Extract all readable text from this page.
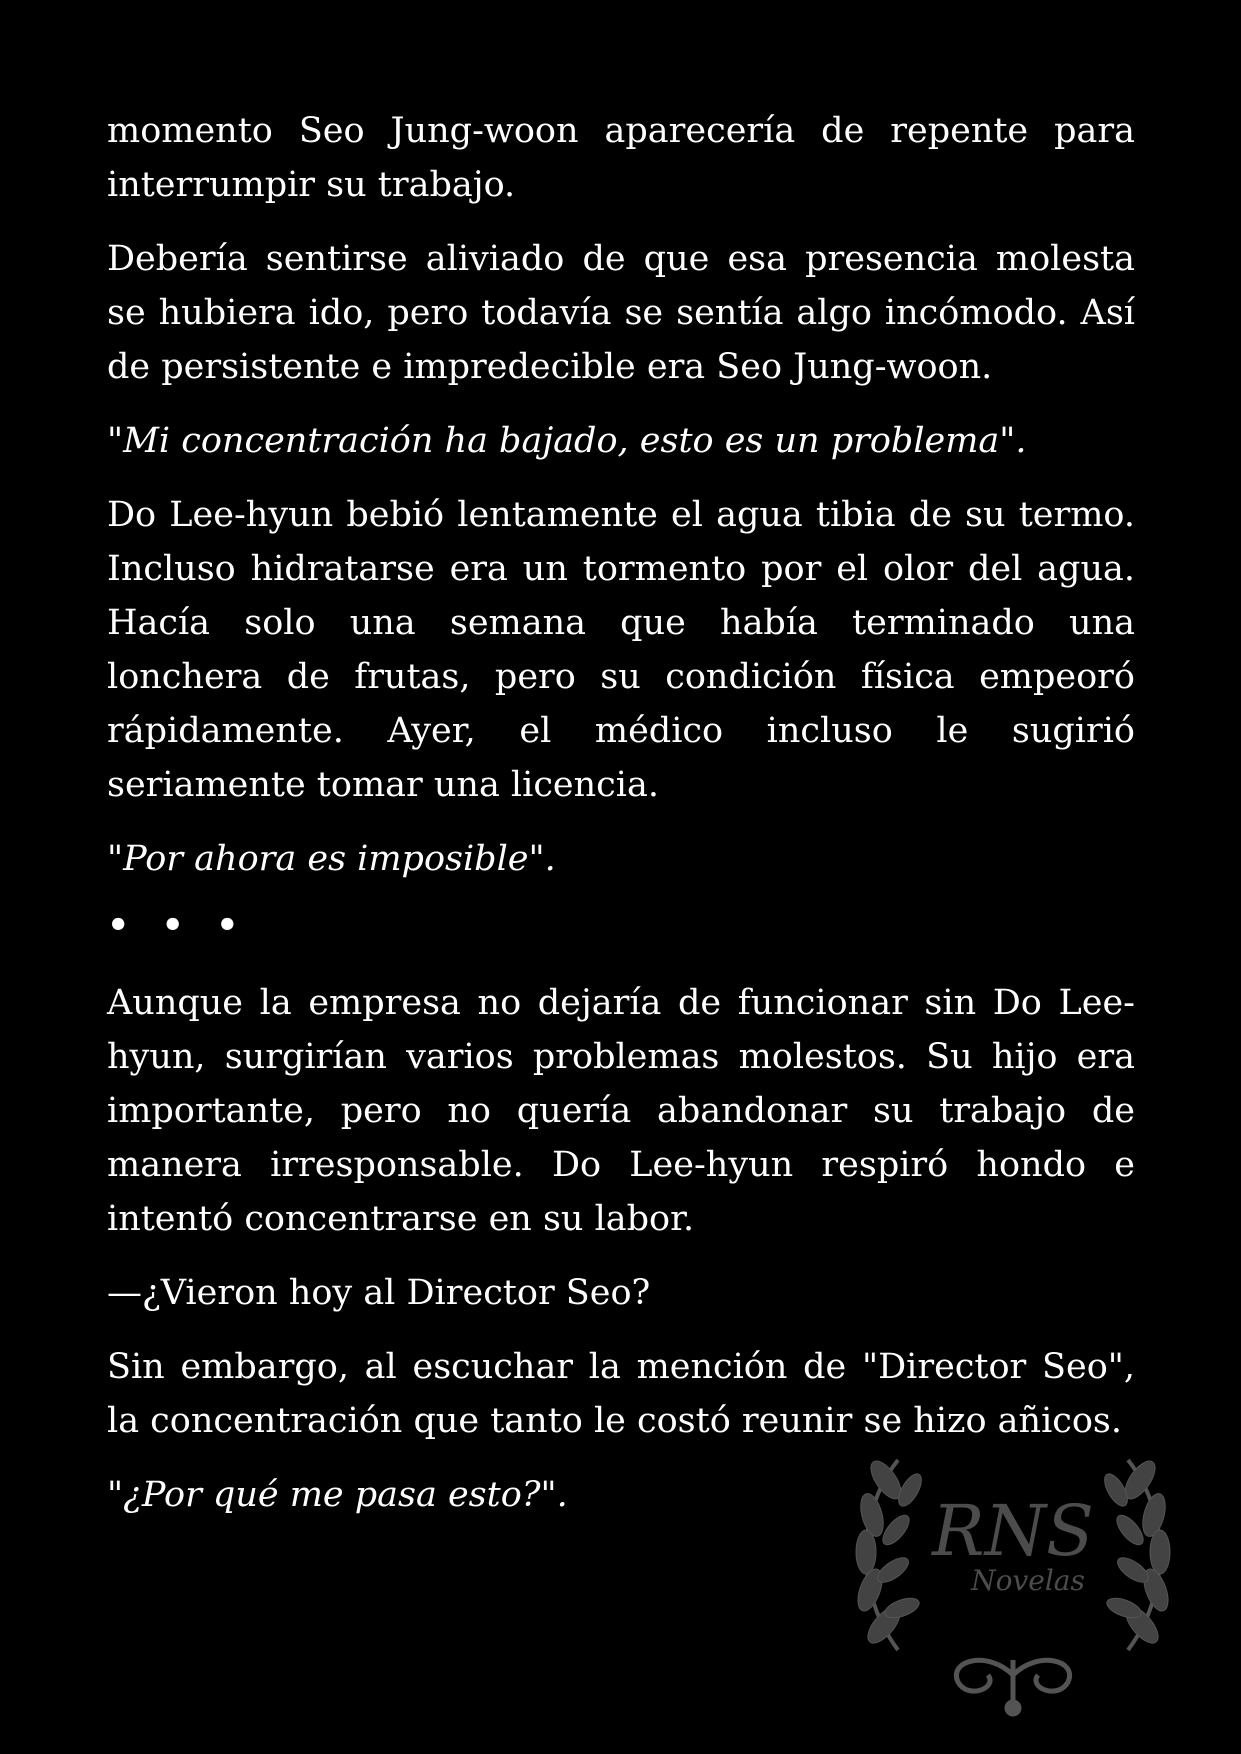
momento Seo Jung-woon aparecería de repente para interrumpir su trabajo.

Debería sentirse aliviado de que esa presencia molesta se hubiera ido, pero todavía se sentía algo incómodo. Así de persistente e impredecible era Seo Jung-woon.

"Mi concentración ha bajado, esto es un problema".

Do Lee-hyun bebió lentamente el agua tibia de su termo. Incluso hidratarse era un tormento por el olor del agua. Hacía solo una semana que había terminado una lonchera de frutas, pero su condición física empeoró rápidamente. Ayer, el médico incluso le sugirió seriamente tomar una licencia.

"Por ahora es imposible".

• • •

Aunque la empresa no dejaría de funcionar sin Do Lee-hyun, surgirían varios problemas molestos. Su hijo era importante, pero no quería abandonar su trabajo de manera irresponsable. Do Lee-hyun respiró hondo e intentó concentrarse en su labor.

—¿Vieron hoy al Director Seo?

Sin embargo, al escuchar la mención de "Director Seo", la concentración que tanto le costó reunir se hizo añicos.

"¿Por qué me pasa esto?".	RNS
Novelas
